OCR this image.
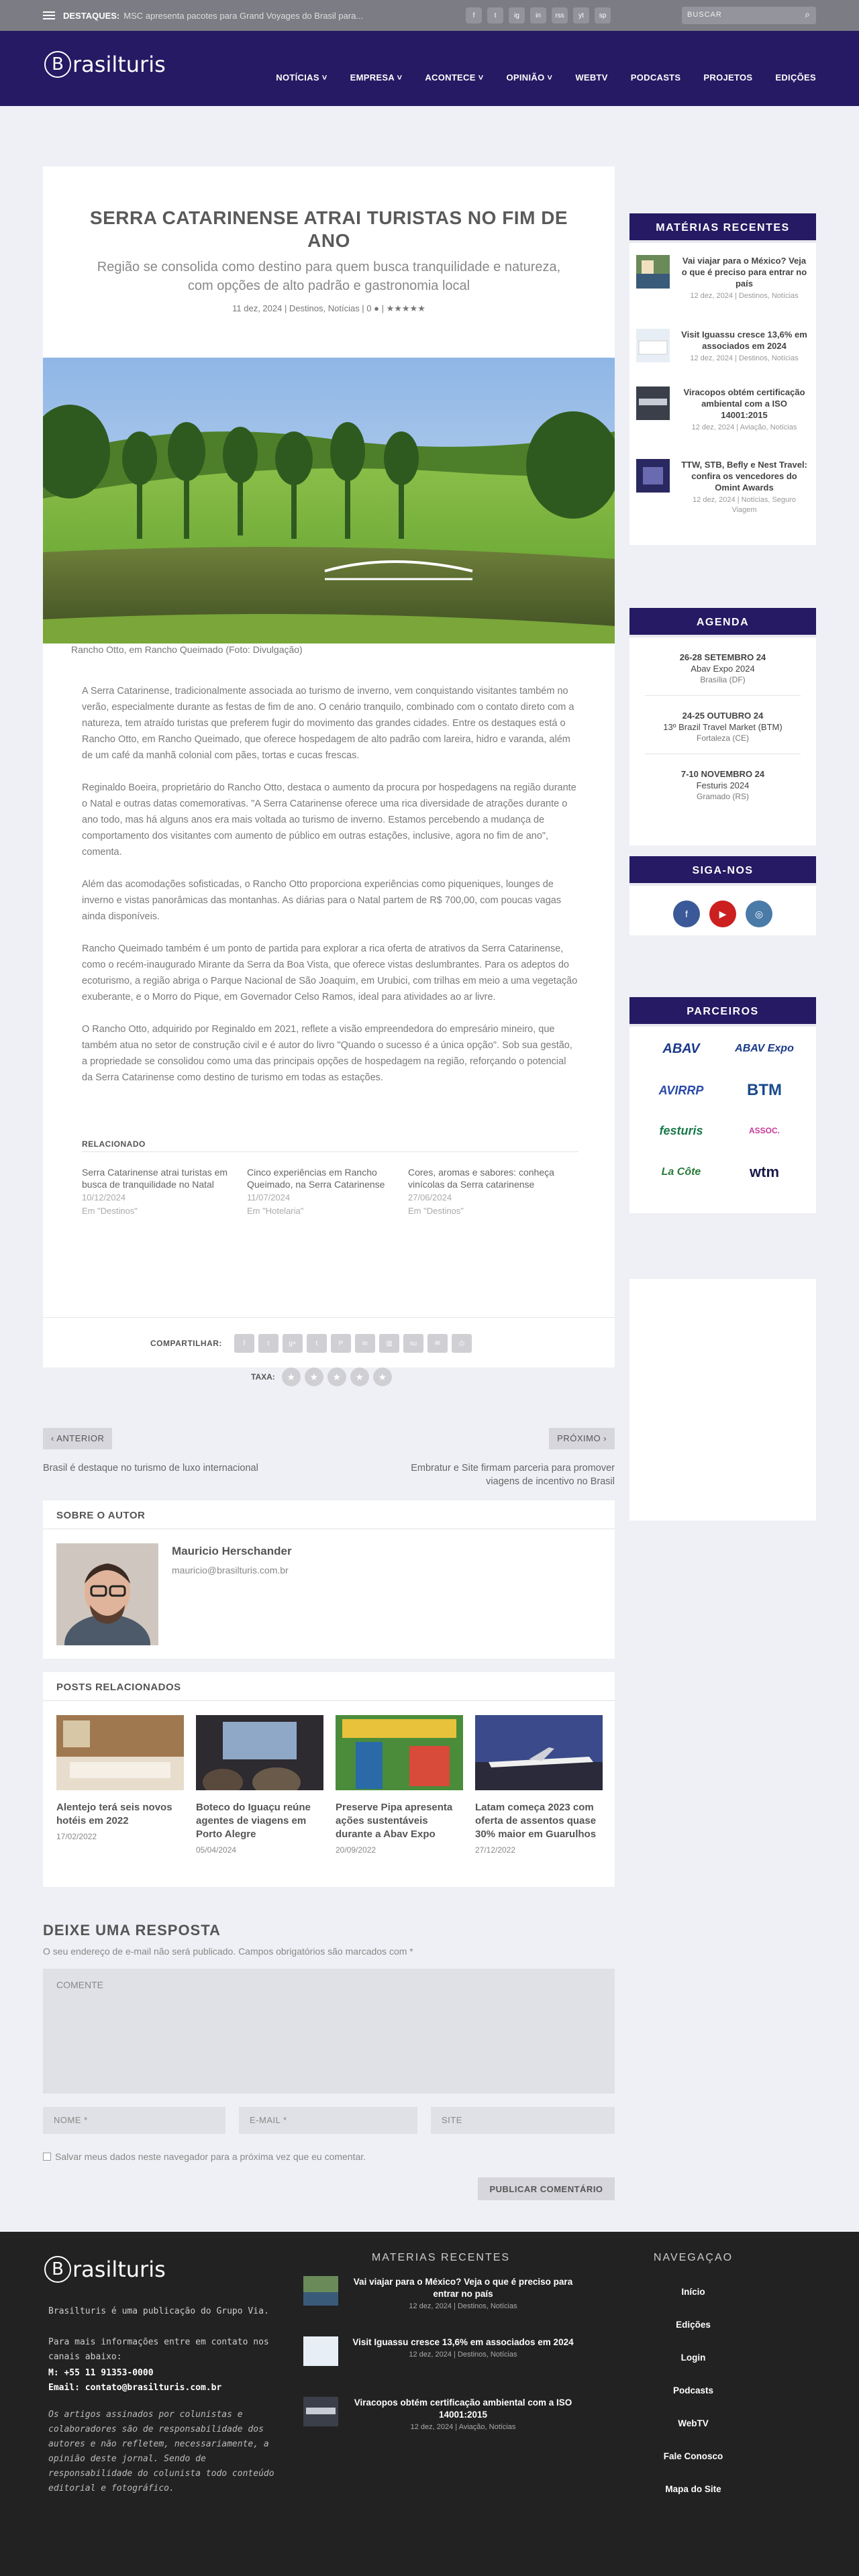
DESTAQUES: MSC apresenta pacotes para Grand Voyages do Brasil para...	f	t	ig	in	rss	yt	sp	BUSCAR	⌕
B rasilturis
NOTÍCIAS ˅	EMPRESA ˅	ACONTECE ˅	OPINIÃO ˅	WEBTV	PODCASTS	PROJETOS	EDIÇÕES
SERRA CATARINENSE ATRAI TURISTAS NO FIM DE ANO
Região se consolida como destino para quem busca tranquilidade e natureza, com opções de alto padrão e gastronomia local
11 dez, 2024 | Destinos, Notícias | 0 ● | ★★★★★
Rancho Otto, em Rancho Queimado (Foto: Divulgação)

A Serra Catarinense, tradicionalmente associada ao turismo de inverno, vem conquistando visitantes também no verão, especialmente durante as festas de fim de ano. O cenário tranquilo, combinado com o contato direto com a natureza, tem atraído turistas que preferem fugir do movimento das grandes cidades. Entre os destaques está o Rancho Otto, em Rancho Queimado, que oferece hospedagem de alto padrão com lareira, hidro e varanda, além de um café da manhã colonial com pães, tortas e cucas frescas.

Reginaldo Boeira, proprietário do Rancho Otto, destaca o aumento da procura por hospedagens na região durante o Natal e outras datas comemorativas. "A Serra Catarinense oferece uma rica diversidade de atrações durante o ano todo, mas há alguns anos era mais voltada ao turismo de inverno. Estamos percebendo a mudança de comportamento dos visitantes com aumento de público em outras estações, inclusive, agora no fim de ano", comenta.

Além das acomodações sofisticadas, o Rancho Otto proporciona experiências como piqueniques, lounges de inverno e vistas panorâmicas das montanhas. As diárias para o Natal partem de R$ 700,00, com poucas vagas ainda disponíveis.

Rancho Queimado também é um ponto de partida para explorar a rica oferta de atrativos da Serra Catarinense, como o recém-inaugurado Mirante da Serra da Boa Vista, que oferece vistas deslumbrantes. Para os adeptos do ecoturismo, a região abriga o Parque Nacional de São Joaquim, em Urubici, com trilhas em meio a uma vegetação exuberante, e o Morro do Pique, em Governador Celso Ramos, ideal para atividades ao ar livre.

O Rancho Otto, adquirido por Reginaldo em 2021, reflete a visão empreendedora do empresário mineiro, que também atua no setor de construção civil e é autor do livro "Quando o sucesso é a única opção". Sob sua gestão, a propriedade se consolidou como uma das principais opções de hospedagem na região, reforçando o potencial da Serra Catarinense como destino de turismo em todas as estações.

RELACIONADO
Serra Catarinense atrai turistas em busca de tranquilidade no Natal
10/12/2024
Em "Destinos"
Cinco experiências em Rancho Queimado, na Serra Catarinense
11/07/2024
Em "Hotelaria"
Cores, aromas e sabores: conheça vinícolas da Serra catarinense
27/06/2024
Em "Destinos"
COMPARTILHAR:	f	t	g+	t	P	in	▥	su	✉	⎙
TAXA:	★	★	★	★	★
‹ ANTERIOR	PRÓXIMO ›
Brasil é destaque no turismo de luxo internacional	Embratur e Site firmam parceria para promover viagens de incentivo no Brasil
SOBRE O AUTOR
Mauricio Herschander
mauricio@brasilturis.com.br
POSTS RELACIONADOS
Alentejo terá seis novos hotéis em 2022
17/02/2022
Boteco do Iguaçu reúne agentes de viagens em Porto Alegre
05/04/2024
Preserve Pipa apresenta ações sustentáveis durante a Abav Expo
20/09/2022
Latam começa 2023 com oferta de assentos quase 30% maior em Guarulhos
27/12/2022
DEIXE UMA RESPOSTA
O seu endereço de e-mail não será publicado. Campos obrigatórios são marcados com *
COMENTE
NOME *	E-MAIL *	SITE
Salvar meus dados neste navegador para a próxima vez que eu comentar.
PUBLICAR COMENTÁRIO
MATÉRIAS RECENTES
Vai viajar para o México? Veja o que é preciso para entrar no país
12 dez, 2024 | Destinos, Notícias
Visit Iguassu cresce 13,6% em associados em 2024
12 dez, 2024 | Destinos, Notícias
Viracopos obtém certificação ambiental com a ISO 14001:2015
12 dez, 2024 | Aviação, Notícias
TTW, STB, Befly e Nest Travel: confira os vencedores do Omint Awards
12 dez, 2024 | Notícias, Seguro Viagem
AGENDA
26-28 SETEMBRO 24
Abav Expo 2024
Brasília (DF)
24-25 OUTUBRO 24
13º Brazil Travel Market (BTM)
Fortaleza (CE)
7-10 NOVEMBRO 24
Festuris 2024
Gramado (RS)
SIGA-NOS
f	▶	◎
PARCEIROS
ABAV	ABAV Expo
AVIRRP	BTM
festuris	ASSOC.
La Côte	wtm
B rasilturis
Brasilturis é uma publicação do Grupo Via.
Para mais informações entre em contato nos canais abaixo:
M: +55 11 91353-0000
Email: contato@brasilturis.com.br
Os artigos assinados por colunistas e colaboradores são de responsabilidade dos autores e não refletem, necessariamente, a opinião deste jornal. Sendo de responsabilidade do colunista todo conteúdo editorial e fotográfico.
MATERIAS RECENTES
Vai viajar para o México? Veja o que é preciso para entrar no país
12 dez, 2024 | Destinos, Notícias
Visit Iguassu cresce 13,6% em associados em 2024
12 dez, 2024 | Destinos, Notícias
Viracopos obtém certificação ambiental com a ISO 14001:2015
12 dez, 2024 | Aviação, Notícias
NAVEGAÇAO
Início
Edições
Login
Podcasts
WebTV
Fale Conosco
Mapa do Site
